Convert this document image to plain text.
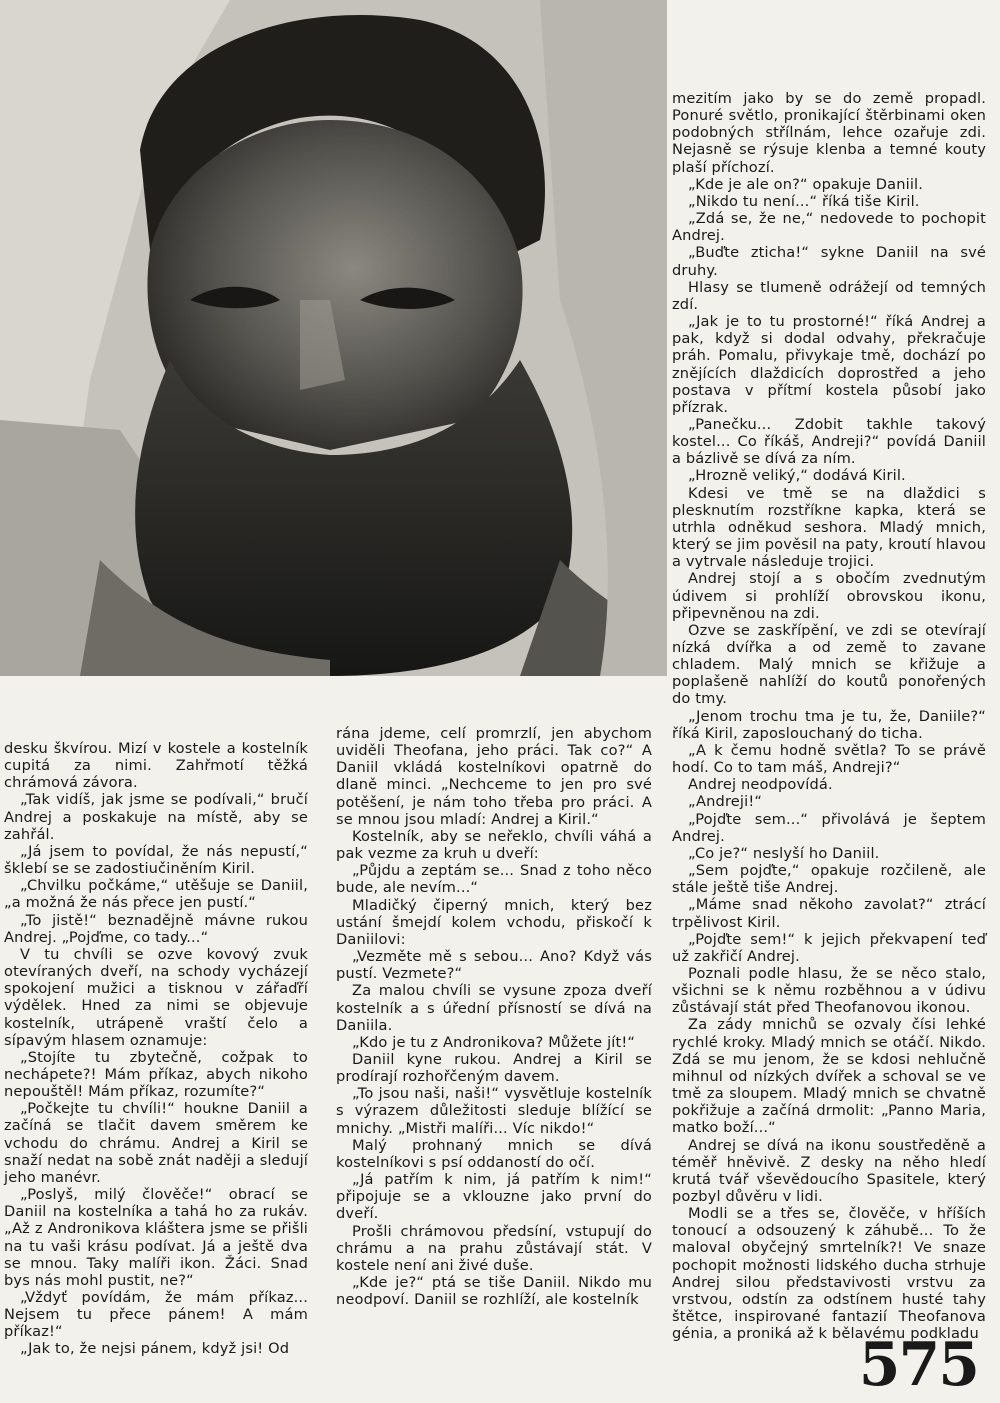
desku škvírou. Mizí v kostele a kostelník cupitá za nimi. Zahřmotí těžká chrámová závora.

„Tak vidíš, jak jsme se podívali,“ bručí Andrej a poskakuje na místě, aby se zahřál.

„Já jsem to povídal, že nás nepustí,“ šklebí se se zadostiučiněním Kiril.

„Chvilku počkáme,“ utěšuje se Daniil, „a možná že nás přece jen pustí.“

„To jistě!“ beznadějně mávne rukou Andrej. „Pojďme, co tady...“

V tu chvíli se ozve kovový zvuk otevíraných dveří, na schody vycházejí spokojení mužici a tisknou v zářaďří výdělek. Hned za nimi se objevuje kostelník, utrápeně vraští čelo a sípavým hlasem oznamuje:

„Stojíte tu zbytečně, cožpak to nechápete?! Mám příkaz, abych nikoho nepouštěl! Mám příkaz, rozumíte?“

„Počkejte tu chvíli!“ houkne Daniil a začíná se tlačit davem směrem ke vchodu do chrámu. Andrej a Kiril se snaží nedat na sobě znát naději a sledují jeho manévr.

„Poslyš, milý člověče!“ obrací se Daniil na kostelníka a tahá ho za rukáv. „Až z Andronikova kláštera jsme se přišli na tu vaši krásu podívat. Já a ještě dva se mnou. Taky malíři ikon. Žáci. Snad bys nás mohl pustit, ne?“

„Vždyť povídám, že mám příkaz... Nejsem tu přece pánem! A mám příkaz!“

„Jak to, že nejsi pánem, když jsi! Od

rána jdeme, celí promrzlí, jen abychom uviděli Theofana, jeho práci. Tak co?“ A Daniil vkládá kostelníkovi opatrně do dlaně minci. „Nechceme to jen pro své potěšení, je nám toho třeba pro práci. A se mnou jsou mladí: Andrej a Kiril.“

Kostelník, aby se neřeklo, chvíli váhá a pak vezme za kruh u dveří:

„Půjdu a zeptám se... Snad z toho něco bude, ale nevím...“

Mladičký čiperný mnich, který bez ustání šmejdí kolem vchodu, přiskočí k Daniilovi:

„Vezměte mě s sebou... Ano? Když vás pustí. Vezmete?“

Za malou chvíli se vysune zpoza dveří kostelník a s úřední přísností se dívá na Daniila.

„Kdo je tu z Andronikova? Můžete jít!“

Daniil kyne rukou. Andrej a Kiril se prodírají rozhořčeným davem.

„To jsou naši, naši!“ vysvětluje kostelník s výrazem důležitosti sleduje blížící se mnichy. „Mistři malíři... Víc nikdo!“

Malý prohnaný mnich se dívá kostelníkovi s psí oddaností do očí.

„Já patřím k nim, já patřím k nim!“ připojuje se a vklouzne jako první do dveří.

Prošli chrámovou předsíní, vstupují do chrámu a na prahu zůstávají stát. V kostele není ani živé duše.

„Kde je?“ ptá se tiše Daniil. Nikdo mu neodpoví. Daniil se rozhlíží, ale kostelník

mezitím jako by se do země propadl. Ponuré světlo, pronikající štěrbinami oken podobných střílnám, lehce ozařuje zdi. Nejasně se rýsuje klenba a temné kouty plaší příchozí.

„Kde je ale on?“ opakuje Daniil.

„Nikdo tu není...“ říká tiše Kiril.

„Zdá se, že ne,“ nedovede to pochopit Andrej.

„Buďte zticha!“ sykne Daniil na své druhy.

Hlasy se tlumeně odrážejí od temných zdí.

„Jak je to tu prostorné!“ říká Andrej a pak, když si dodal odvahy, překračuje práh. Pomalu, přivykaje tmě, dochází po znějících dlaždicích doprostřed a jeho postava v přítmí kostela působí jako přízrak.

„Panečku... Zdobit takhle takový kostel... Co říkáš, Andreji?“ povídá Daniil a bázlivě se dívá za ním.

„Hrozně veliký,“ dodává Kiril.

Kdesi ve tmě se na dlaždici s plesknutím rozstříkne kapka, která se utrhla odněkud seshora. Mladý mnich, který se jim pověsil na paty, kroutí hlavou a vytrvale následuje trojici.

Andrej stojí a s obočím zvednutým údivem si prohlíží obrovskou ikonu, připevněnou na zdi.

Ozve se zaskřípění, ve zdi se otevírají nízká dvířka a od země to zavane chladem. Malý mnich se křižuje a poplašeně nahlíží do koutů ponořených do tmy.

„Jenom trochu tma je tu, že, Daniile?“ říká Kiril, zaposlouchaný do ticha.

„A k čemu hodně světla? To se právě hodí. Co to tam máš, Andreji?“

Andrej neodpovídá.

„Andreji!“

„Pojďte sem...“ přivolává je šeptem Andrej.

„Co je?“ neslyší ho Daniil.

„Sem pojďte,“ opakuje rozčileně, ale stále ještě tiše Andrej.

„Máme snad někoho zavolat?“ ztrácí trpělivost Kiril.

„Pojďte sem!“ k jejich překvapení teď už zakřičí Andrej.

Poznali podle hlasu, že se něco stalo, všichni se k němu rozběhnou a v údivu zůstávají stát před Theofanovou ikonou.

Za zády mnichů se ozvaly čísi lehké rychlé kroky. Mladý mnich se otáčí. Nikdo. Zdá se mu jenom, že se kdosi nehlučně mihnul od nízkých dvířek a schoval se ve tmě za sloupem. Mladý mnich se chvatně pokřižuje a začíná drmolit: „Panno Maria, matko boží...“

Andrej se dívá na ikonu soustředěně a téměř hněvivě. Z desky na něho hledí krutá tvář vševědoucího Spasitele, který pozbyl důvěru v lidi.

Modli se a třes se, člověče, v hříších tonoucí a odsouzený k záhubě... To že maloval obyčejný smrtelník?! Ve snaze pochopit možnosti lidského ducha strhuje Andrej silou představivosti vrstvu za vrstvou, odstín za odstínem husté tahy štětce, inspirované fantazií Theofanova génia, a proniká až k bělavému podkladu

575
